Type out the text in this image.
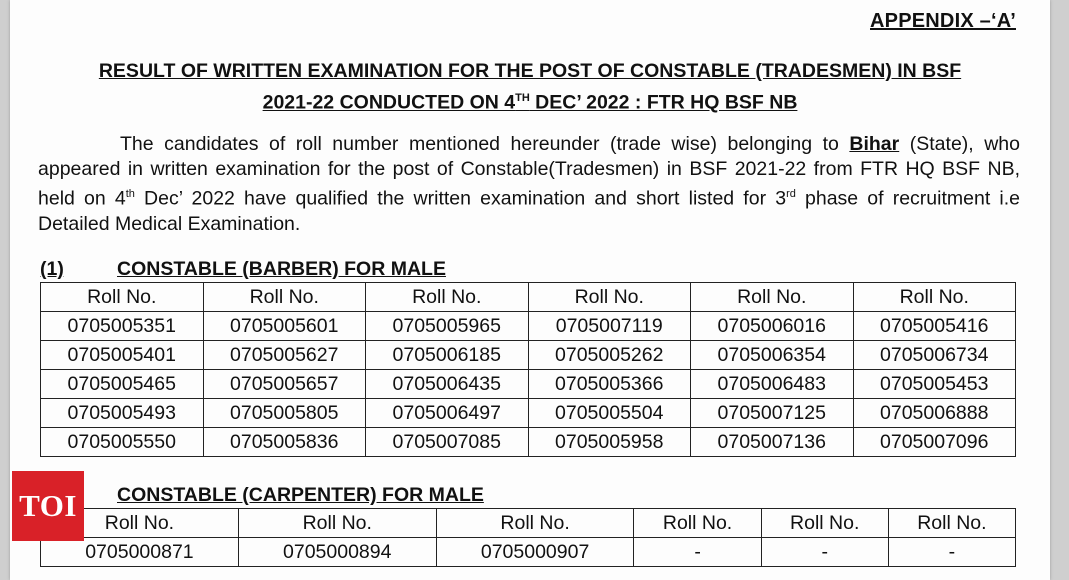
APPENDIX –‘A’
RESULT OF WRITTEN EXAMINATION FOR THE POST OF CONSTABLE (TRADESMEN) IN BSF
2021-22 CONDUCTED ON 4TH DEC’ 2022 : FTR HQ BSF NB
The candidates of roll number mentioned hereunder (trade wise) belonging to Bihar (State), who appeared in written examination for the post of Constable(Tradesmen) in BSF 2021-22 from FTR HQ BSF NB, held on 4th Dec’ 2022 have qualified the written examination and short listed for 3rd phase of recruitment i.e Detailed Medical Examination.
(1)	CONSTABLE (BARBER) FOR MALE
Roll No.	Roll No.	Roll No.	Roll No.	Roll No.	Roll No.
0705005351	0705005601	0705005965	0705007119	0705006016	0705005416
0705005401	0705005627	0705006185	0705005262	0705006354	0705006734
0705005465	0705005657	0705006435	0705005366	0705006483	0705005453
0705005493	0705005805	0705006497	0705005504	0705007125	0705006888
0705005550	0705005836	0705007085	0705005958	0705007136	0705007096
CONSTABLE (CARPENTER) FOR MALE
Roll No.	Roll No.	Roll No.	Roll No.	Roll No.	Roll No.
0705000871	0705000894	0705000907	-	-	-
TOI
